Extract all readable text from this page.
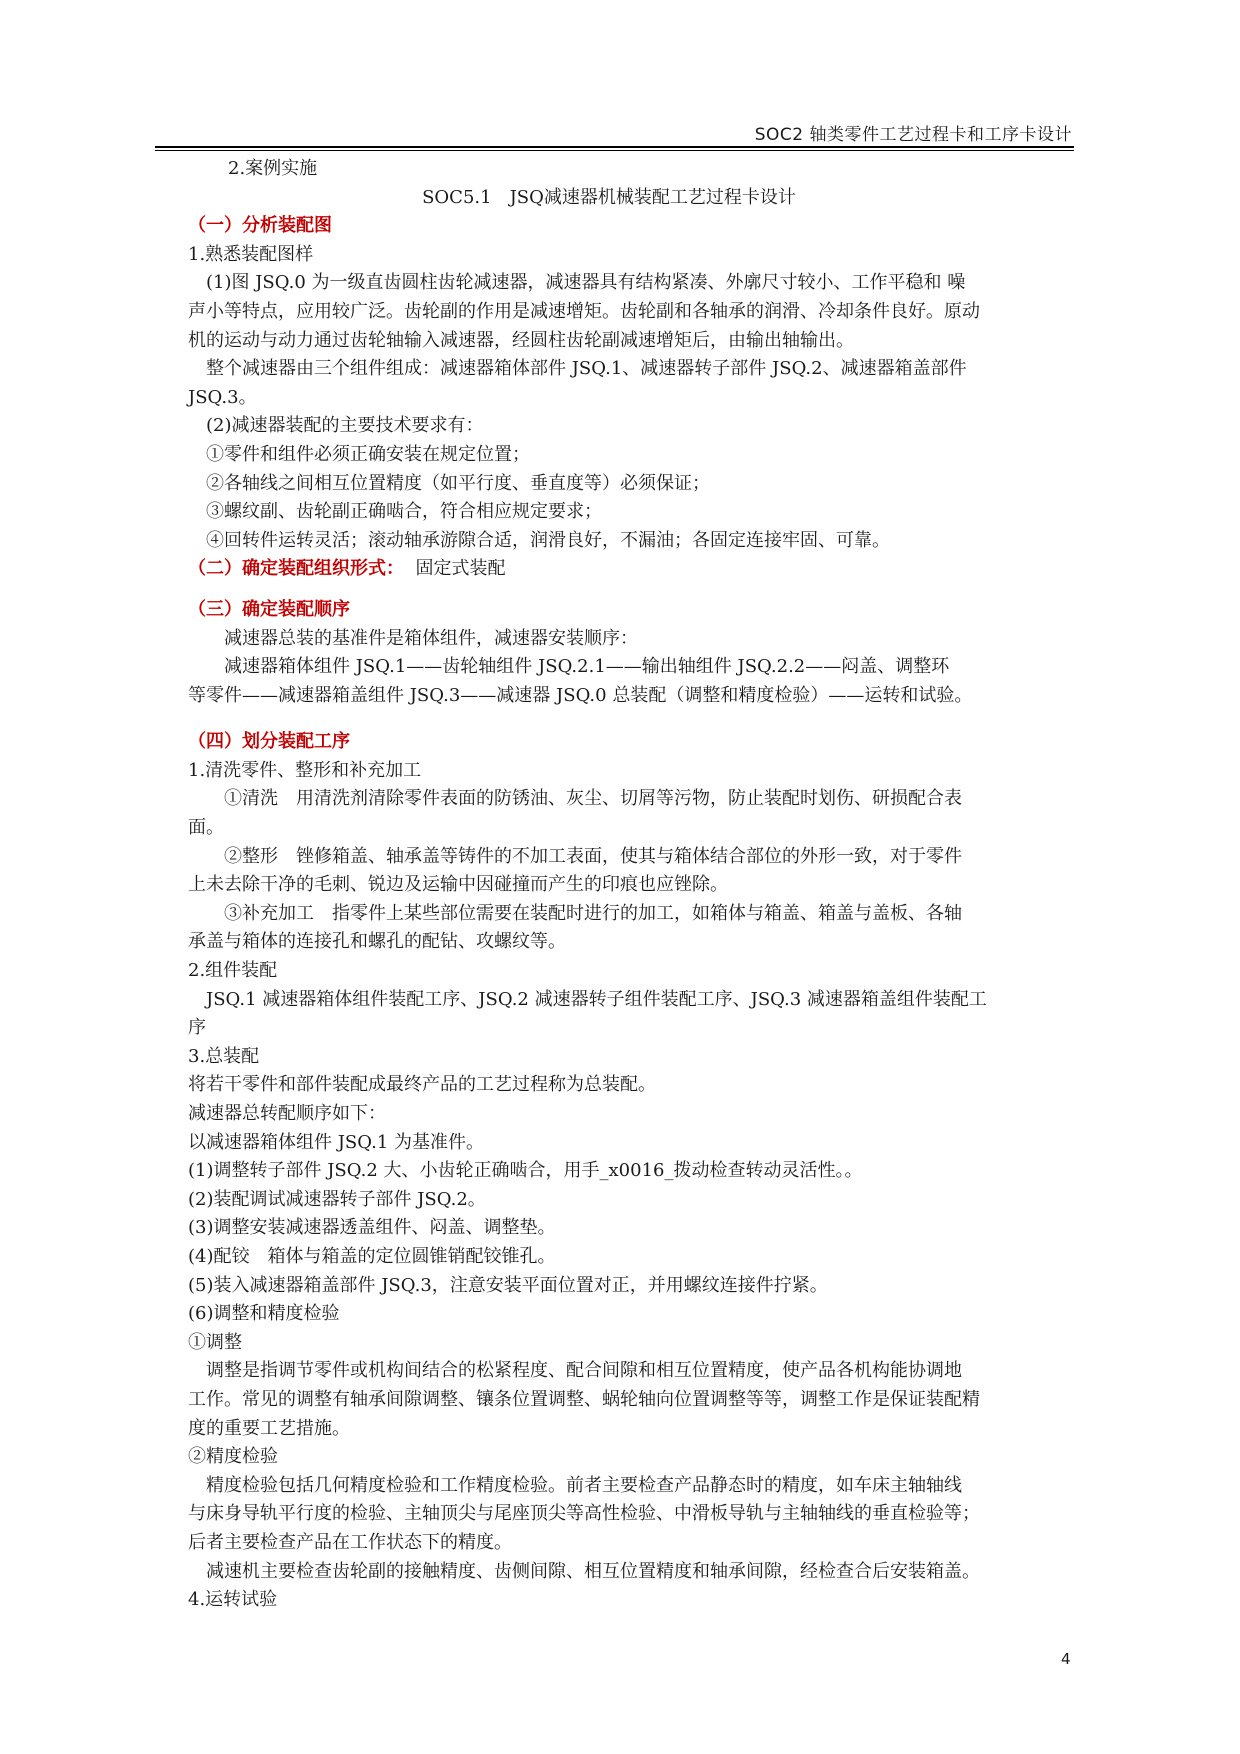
SOC2 轴类零件工艺过程卡和工序卡设计
2.案例实施
SOC5.1　JSQ减速器机械装配工艺过程卡设计
（一）分析装配图
1.熟悉装配图样
　(1)图 JSQ.0 为一级直齿圆柱齿轮减速器，减速器具有结构紧凑、外廓尺寸较小、工作平稳和 噪
声小等特点，应用较广泛。齿轮副的作用是减速增矩。齿轮副和各轴承的润滑、冷却条件良好。原动
机的运动与动力通过齿轮轴输入减速器，经圆柱齿轮副减速增矩后，由输出轴输出。
　整个减速器由三个组件组成：减速器箱体部件 JSQ.1、减速器转子部件 JSQ.2、减速器箱盖部件
JSQ.3。
　(2)减速器装配的主要技术要求有：
　①零件和组件必须正确安装在规定位置；
　②各轴线之间相互位置精度（如平行度、垂直度等）必须保证；
　③螺纹副、齿轮副正确啮合，符合相应规定要求；
　④回转件运转灵活；滚动轴承游隙合适，润滑良好，不漏油；各固定连接牢固、可靠。
（二）确定装配组织形式： 固定式装配
（三）确定装配顺序
　　减速器总装的基准件是箱体组件，减速器安装顺序：
　　减速器箱体组件 JSQ.1——齿轮轴组件 JSQ.2.1——输出轴组件 JSQ.2.2——闷盖、调整环
等零件——减速器箱盖组件 JSQ.3——减速器 JSQ.0 总装配（调整和精度检验）——运转和试验。
（四）划分装配工序
1.清洗零件、整形和补充加工
　　①清洗　用清洗剂清除零件表面的防锈油、灰尘、切屑等污物，防止装配时划伤、研损配合表
面。
　　②整形　锉修箱盖、轴承盖等铸件的不加工表面，使其与箱体结合部位的外形一致，对于零件
上未去除干净的毛刺、锐边及运输中因碰撞而产生的印痕也应锉除。
　　③补充加工　指零件上某些部位需要在装配时进行的加工，如箱体与箱盖、箱盖与盖板、各轴
承盖与箱体的连接孔和螺孔的配钻、攻螺纹等。
2.组件装配
　JSQ.1 减速器箱体组件装配工序、JSQ.2 减速器转子组件装配工序、JSQ.3 减速器箱盖组件装配工
序
3.总装配
将若干零件和部件装配成最终产品的工艺过程称为总装配。
减速器总转配顺序如下：
以减速器箱体组件 JSQ.1 为基准件。
(1)调整转子部件 JSQ.2 大、小齿轮正确啮合，用手_x0016_拨动检查转动灵活性。。
(2)装配调试减速器转子部件 JSQ.2。
(3)调整安装减速器透盖组件、闷盖、调整垫。
(4)配铰　箱体与箱盖的定位圆锥销配铰锥孔。
(5)装入减速器箱盖部件 JSQ.3，注意安装平面位置对正，并用螺纹连接件拧紧。
(6)调整和精度检验
①调整
　调整是指调节零件或机构间结合的松紧程度、配合间隙和相互位置精度，使产品各机构能协调地
工作。常见的调整有轴承间隙调整、镶条位置调整、蜗轮轴向位置调整等等，调整工作是保证装配精
度的重要工艺措施。
②精度检验
　精度检验包括几何精度检验和工作精度检验。前者主要检查产品静态时的精度，如车床主轴轴线
与床身导轨平行度的检验、主轴顶尖与尾座顶尖等高性检验、中滑板导轨与主轴轴线的垂直检验等；
后者主要检查产品在工作状态下的精度。
　减速机主要检查齿轮副的接触精度、齿侧间隙、相互位置精度和轴承间隙，经检查合后安装箱盖。
4.运转试验
4
